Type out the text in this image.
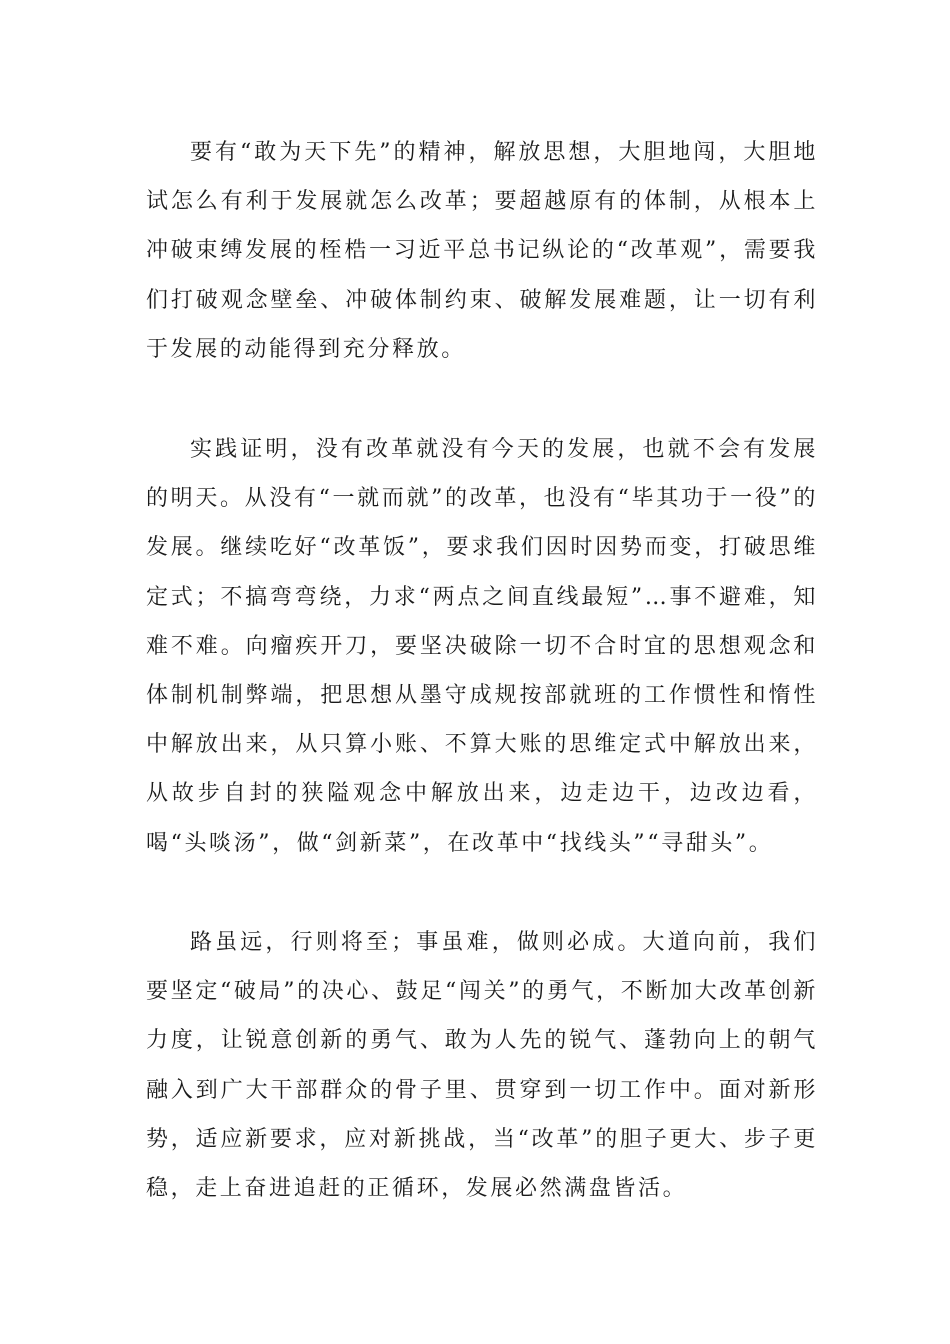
要有“敢为天下先”的精神，解放思想，大胆地闯，大胆地试怎么有利于发展就怎么改革；要超越原有的体制，从根本上冲破束缚发展的桎梏一习近平总书记纵论的“改革观”，需要我们打破观念壁垒、冲破体制约束、破解发展难题，让一切有利于发展的动能得到充分释放。

实践证明，没有改革就没有今天的发展，也就不会有发展的明天。从没有“一就而就”的改革，也没有“毕其功于一役”的发展。继续吃好“改革饭”，要求我们因时因势而变，打破思维定式；不搞弯弯绕，力求“两点之间直线最短”…事不避难，知难不难。向瘤疾开刀，要坚决破除一切不合时宜的思想观念和体制机制弊端，把思想从墨守成规按部就班的工作惯性和惰性中解放出来，从只算小账、不算大账的思维定式中解放出来，从故步自封的狭隘观念中解放出来，边走边干，边改边看，喝“头啖汤”，做“剑新菜”，在改革中“找线头”“寻甜头”。

路虽远，行则将至；事虽难，做则必成。大道向前，我们要坚定“破局”的决心、鼓足“闯关”的勇气，不断加大改革创新力度，让锐意创新的勇气、敢为人先的锐气、蓬勃向上的朝气融入到广大干部群众的骨子里、贯穿到一切工作中。面对新形势，适应新要求，应对新挑战，当“改革”的胆子更大、步子更稳，走上奋进追赶的正循环，发展必然满盘皆活。
